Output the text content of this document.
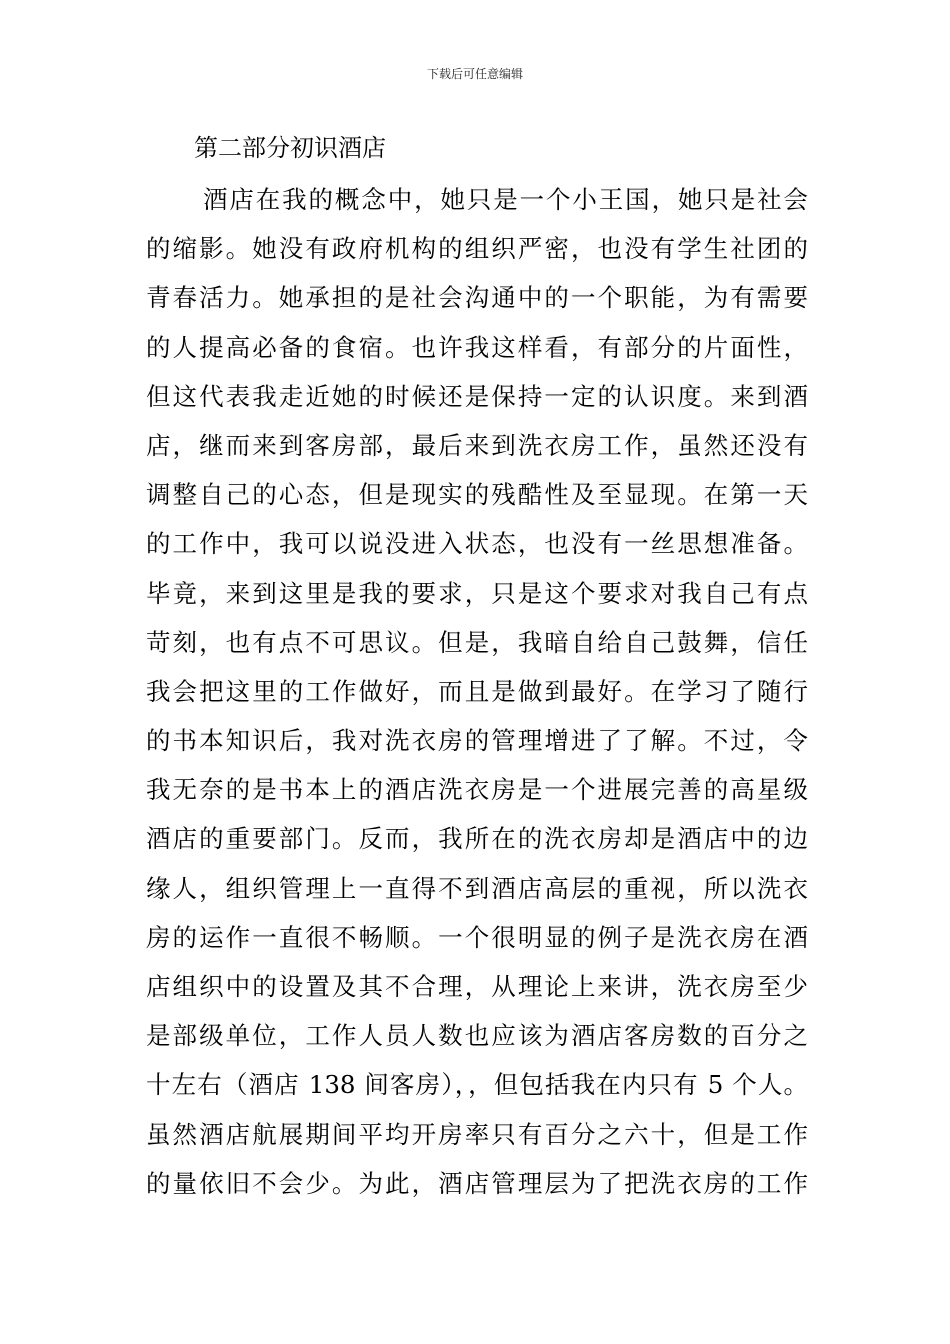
下载后可任意编辑
第二部分初识酒店
酒店在我的概念中，她只是一个小王国，她只是社会
的缩影。她没有政府机构的组织严密，也没有学生社团的
青春活力。她承担的是社会沟通中的一个职能，为有需要
的人提高必备的食宿。也许我这样看，有部分的片面性，
但这代表我走近她的时候还是保持一定的认识度。来到酒
店，继而来到客房部，最后来到洗衣房工作，虽然还没有
调整自己的心态，但是现实的残酷性及至显现。在第一天
的工作中，我可以说没进入状态，也没有一丝思想准备。
毕竟，来到这里是我的要求，只是这个要求对我自己有点
苛刻，也有点不可思议。但是，我暗自给自己鼓舞，信任
我会把这里的工作做好，而且是做到最好。在学习了随行
的书本知识后，我对洗衣房的管理增进了了解。不过，令
我无奈的是书本上的酒店洗衣房是一个进展完善的高星级
酒店的重要部门。反而，我所在的洗衣房却是酒店中的边
缘人，组织管理上一直得不到酒店高层的重视，所以洗衣
房的运作一直很不畅顺。一个很明显的例子是洗衣房在酒
店组织中的设置及其不合理，从理论上来讲，洗衣房至少
是部级单位，工作人员人数也应该为酒店客房数的百分之
十左右（酒店 138 间客房），，但包括我在内只有 5 个人。
虽然酒店航展期间平均开房率只有百分之六十，但是工作
的量依旧不会少。为此，酒店管理层为了把洗衣房的工作
